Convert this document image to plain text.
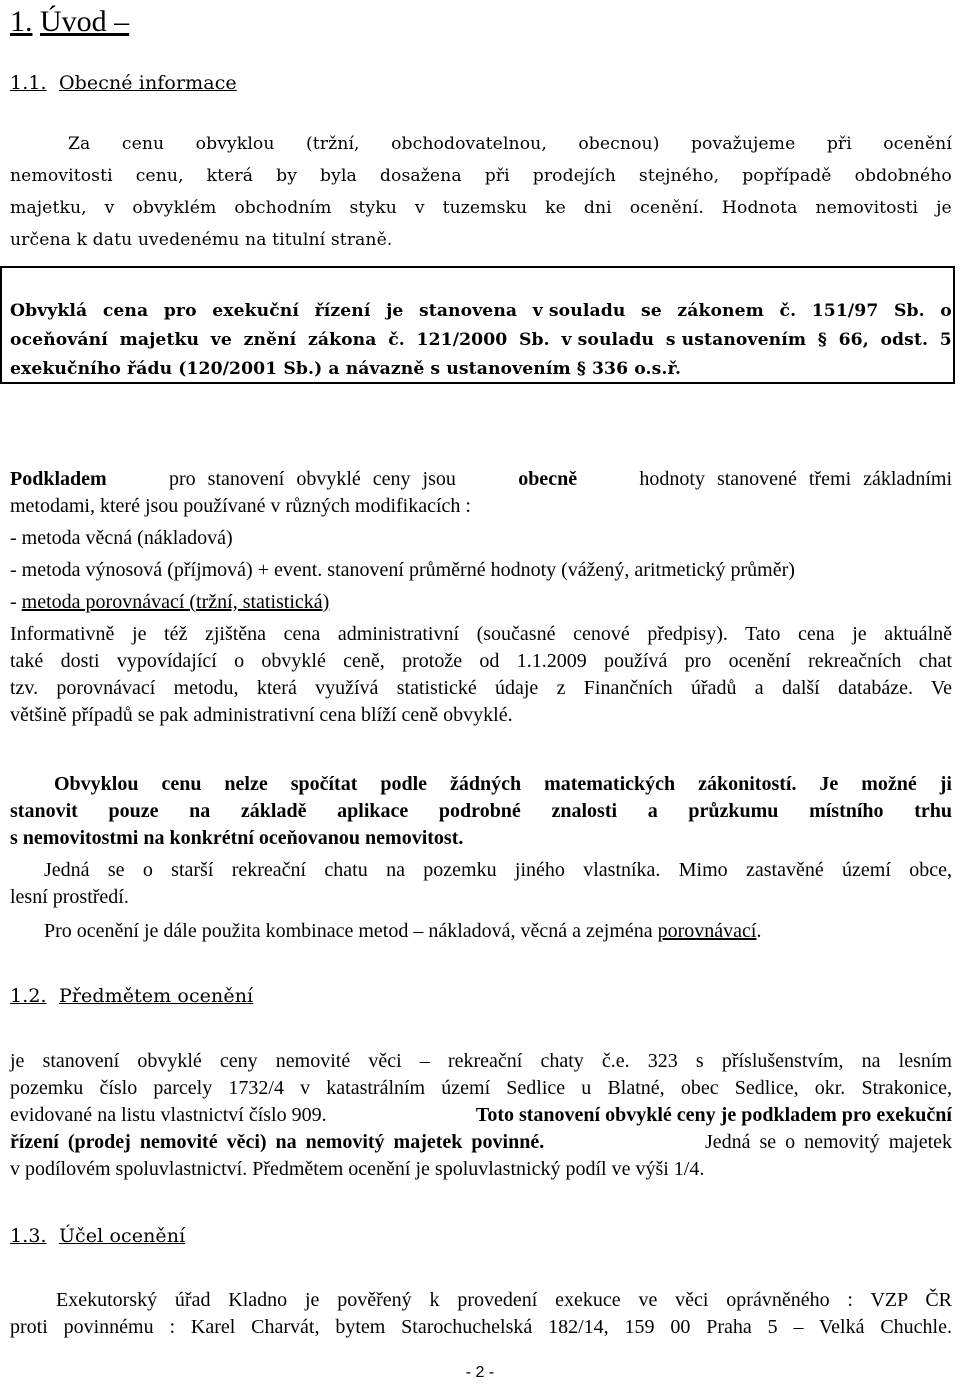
1. Úvod –
1.1. Obecné informace
Za cenu obvyklou (tržní, obchodovatelnou, obecnou) považujeme při ocenění
nemovitosti cenu, která by byla dosažena při prodejích stejného, popřípadě obdobného
majetku, v obvyklém obchodním styku v tuzemsku ke dni ocenění. Hodnota nemovitosti je
určena k datu uvedenému na titulní straně.
Obvyklá cena pro exekuční řízení je stanovena v souladu se zákonem č. 151/97 Sb. o
oceňování majetku ve znění zákona č. 121/2000 Sb. v souladu s ustanovením § 66, odst. 5
exekučního řádu (120/2001 Sb.) a návazně s ustanovením § 336 o.s.ř.
Podkladem	pro stanovení obvyklé ceny jsou	obecně	hodnoty stanovené třemi základními
metodami, které jsou používané v různých modifikacích :
- metoda věcná (nákladová)
- metoda výnosová (příjmová) + event. stanovení průměrné hodnoty (vážený, aritmetický průměr)
- metoda porovnávací (tržní, statistická)
Informativně je též zjištěna cena administrativní (současné cenové předpisy). Tato cena je aktuálně
také dosti vypovídající o obvyklé ceně, protože od 1.1.2009 používá pro ocenění rekreačních chat
tzv. porovnávací metodu, která využívá statistické údaje z Finančních úřadů a další databáze. Ve
většině případů se pak administrativní cena blíží ceně obvyklé.
Obvyklou cenu nelze spočítat podle žádných matematických zákonitostí. Je možné ji
stanovit pouze na základě aplikace podrobné znalosti a průzkumu místního trhu
s nemovitostmi na konkrétní oceňovanou nemovitost.
Jedná se o starší rekreační chatu na pozemku jiného vlastníka. Mimo zastavěné území obce,
lesní prostředí.
Pro ocenění je dále použita kombinace metod – nákladová, věcná a zejména porovnávací.
1.2. Předmětem ocenění
je stanovení obvyklé ceny nemovité věci – rekreační chaty č.e. 323 s příslušenstvím, na lesním
pozemku číslo parcely 1732/4 v katastrálním území Sedlice u Blatné, obec Sedlice, okr. Strakonice,
evidované na listu vlastnictví číslo 909.	Toto stanovení obvyklé ceny je podkladem pro exekuční
řízení (prodej nemovité věci) na nemovitý majetek povinné.	Jedná se o nemovitý majetek
v podílovém spoluvlastnictví. Předmětem ocenění je spoluvlastnický podíl ve výši 1/4.
1.3. Účel ocenění
Exekutorský úřad Kladno je pověřený k provedení exekuce ve věci oprávněného : VZP ČR
proti povinnému : Karel Charvát, bytem Starochuchelská 182/14, 159 00 Praha 5 – Velká Chuchle.
- 2 -
